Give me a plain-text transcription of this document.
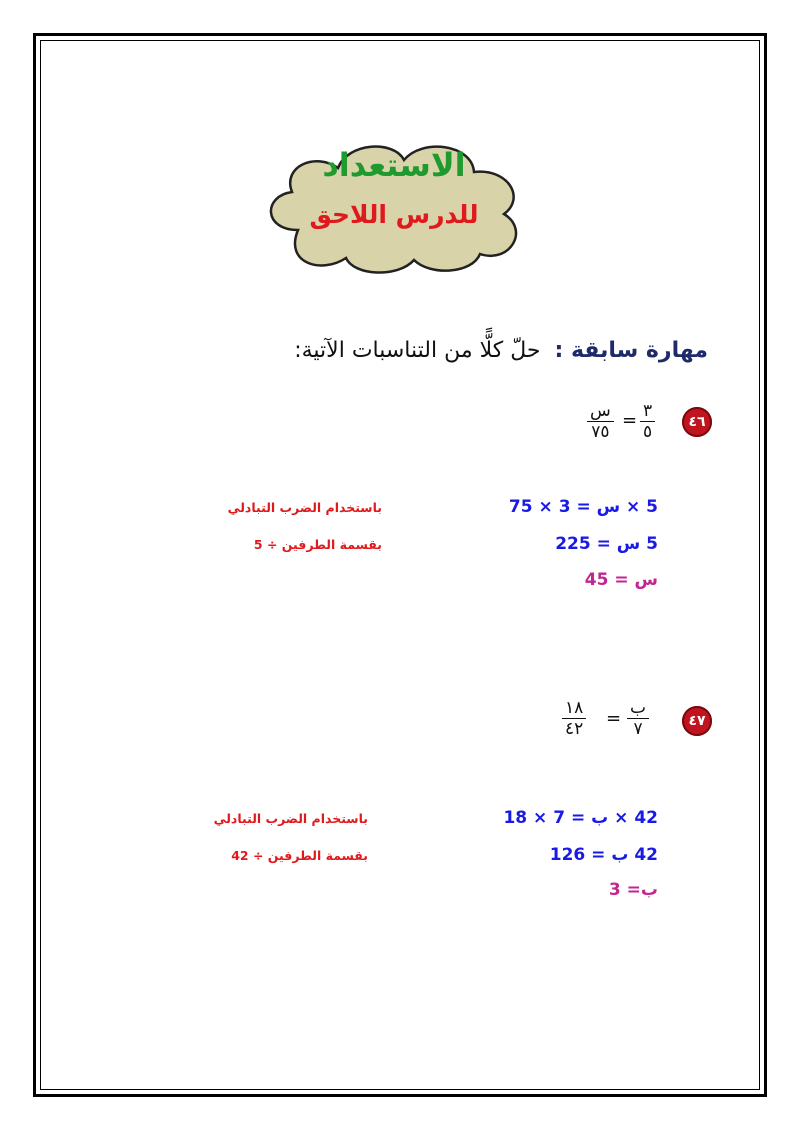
الاستعداد
للدرس اللاحق
مهارة سابقة :حلّ كلًّا من التناسبات الآتية:
٤٦
٣
٥
=
س
٧٥
5 × س = 3 × 75
باستخدام الضرب التبادلي
5 س = 225
بقسمة الطرفين ÷ 5
س = 45
٤٧
ب
٧
=
١٨
٤٢
42 × ب = 7 × 18
باستخدام الضرب التبادلي
42 ب = 126
بقسمة الطرفين ÷ 42
ب= 3
